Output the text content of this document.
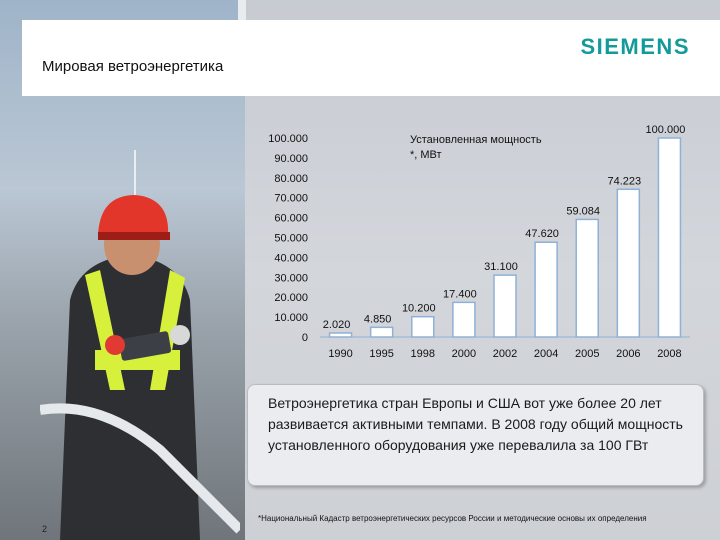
Мировая ветроэнергетика
SIEMENS
100.000
90.000
80.000
70.000
60.000
50.000
40.000
30.000
20.000
10.000
0
2.020
1990
4.850
1995
10.200
1998
17.400
2000
31.100
2002
47.620
2004
59.084
2005
74.223
2006
100.000
2008
Установленная мощность
*, МВт
Ветроэнергетика стран Европы и США вот уже более 20 лет развивается активными темпами. В 2008 году общий мощность установленного оборудования уже перевалила за 100 ГВт
*Национальный Кадастр ветроэнергетических ресурсов России и методические основы их определения
2
